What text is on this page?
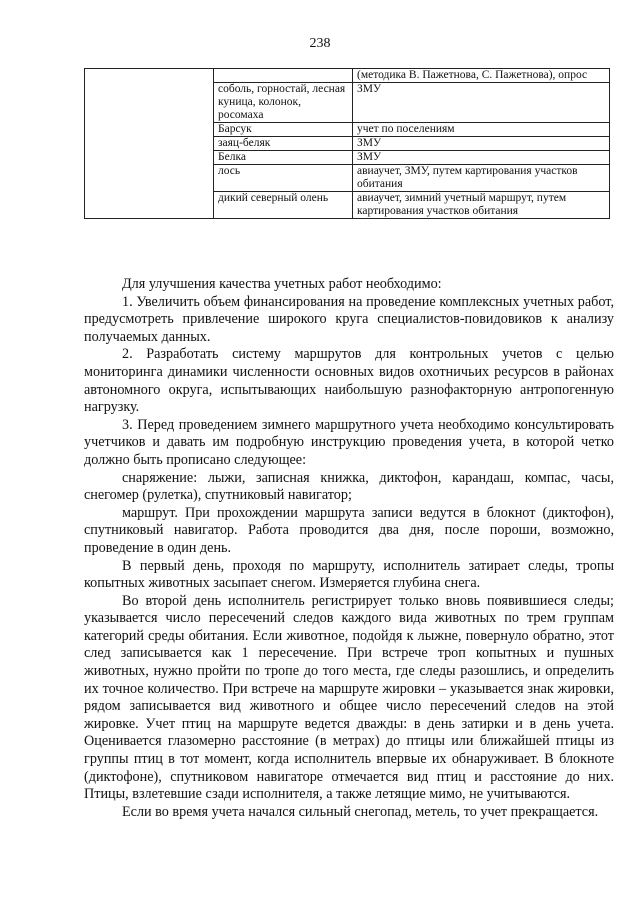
238
		(методика В. Пажетнова, С. Пажетнова), опрос
	соболь, горностай, лесная куница, колонок, росомаха	ЗМУ
	Барсук	учет по поселениям
	заяц-беляк	ЗМУ
	Белка	ЗМУ
	лось	авиаучет, ЗМУ, путем картирования участков обитания
	дикий северный олень	авиаучет, зимний учетный маршрут, путем картирования участков обитания

Для улучшения качества учетных работ необходимо:

1. Увеличить объем финансирования на проведение комплексных учетных работ, предусмотреть привлечение широкого круга специалистов-повидовиков к анализу получаемых данных.

2. Разработать систему маршрутов для контрольных учетов с целью мониторинга динамики численности основных видов охотничьих ресурсов в районах автономного округа, испытывающих наибольшую разнофакторную антропогенную нагрузку.

3. Перед проведением зимнего маршрутного учета необходимо консультировать учетчиков и давать им подробную инструкцию проведения учета, в которой четко должно быть прописано следующее:

снаряжение: лыжи, записная книжка, диктофон, карандаш, компас, часы, снегомер (рулетка), спутниковый навигатор;

маршрут. При прохождении маршрута записи ведутся в блокнот (диктофон), спутниковый навигатор. Работа проводится два дня, после пороши, возможно, проведение в один день.

В первый день, проходя по маршруту, исполнитель затирает следы, тропы копытных животных засыпает снегом. Измеряется глубина снега.

Во второй день исполнитель регистрирует только вновь появившиеся следы; указывается число пересечений следов каждого вида животных по трем группам категорий среды обитания. Если животное, подойдя к лыжне, повернуло обратно, этот след записывается как 1 пересечение. При встрече троп копытных и пушных животных, нужно пройти по тропе до того места, где следы разошлись, и определить их точное количество. При встрече на маршруте жировки – указывается знак жировки, рядом записывается вид животного и общее число пересечений следов на этой жировке. Учет птиц на маршруте ведется дважды: в день затирки и в день учета. Оценивается глазомерно расстояние (в метрах) до птицы или ближайшей птицы из группы птиц в тот момент, когда исполнитель впервые их обнаруживает. В блокноте (диктофоне), спутниковом навигаторе отмечается вид птиц и расстояние до них. Птицы, взлетевшие сзади исполнителя, а также летящие мимо, не учитываются.

Если во время учета начался сильный снегопад, метель, то учет прекращается.
